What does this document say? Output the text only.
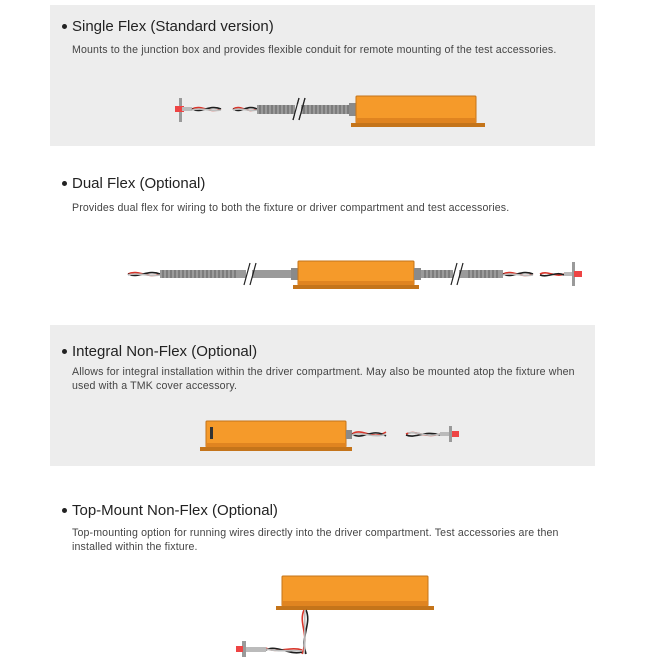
Single Flex (Standard version)
Mounts to the junction box and provides flexible conduit for remote mounting of the test accessories.
Dual Flex (Optional)
Provides dual flex for wiring to both the fixture or driver compartment and test accessories.
Integral Non-Flex (Optional)
Allows for integral installation within the driver compartment. May also be mounted atop the fixture when used with a TMK cover accessory.
Top-Mount Non-Flex (Optional)
Top-mounting option for running wires directly into the driver compartment. Test accessories are then installed within the fixture.
